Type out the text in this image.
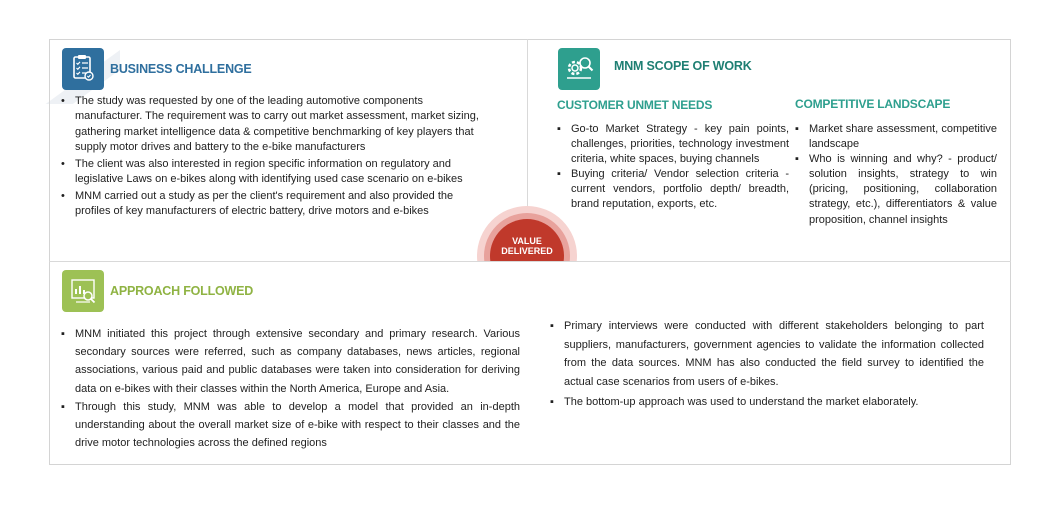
BUSINESS CHALLENGE
• The study was requested by one of the leading automotive components manufacturer. The requirement was to carry out market assessment, market sizing, gathering market intelligence data & competitive benchmarking of key players that supply motor drives and battery to the e-bike manufacturers
• The client was also interested in region specific information on regulatory and legislative Laws on e-bikes along with identifying used case scenario on e-bikes
• MNM carried out a study as per the client's requirement and also provided the profiles of key manufacturers of electric battery, drive motors and e-bikes
MNM SCOPE OF WORK
CUSTOMER UNMET NEEDS
▪ Go-to Market Strategy - key pain points, challenges, priorities, technology investment criteria, white spaces, buying channels
▪ Buying criteria/ Vendor selection criteria - current vendors, portfolio depth/ breadth, brand reputation, exports, etc.
COMPETITIVE LANDSCAPE
▪ Market share assessment, competitive landscape
▪ Who is winning and why? - product/ solution insights, strategy to win (pricing, positioning, collaboration strategy, etc.), differentiators & value proposition, channel insights
VALUE
DELIVERED
APPROACH FOLLOWED
▪ MNM initiated this project through extensive secondary and primary research. Various secondary sources were referred, such as company databases, news articles, regional associations, various paid and public databases were taken into consideration for deriving data on e-bikes with their classes within the North America, Europe and Asia.
▪ Through this study, MNM was able to develop a model that provided an in-depth understanding about the overall market size of e-bike with respect to their classes and the drive motor technologies across the defined regions
▪ Primary interviews were conducted with different stakeholders belonging to part suppliers, manufacturers, government agencies to validate the information collected from the data sources. MNM has also conducted the field survey to identified the actual case scenarios from users of e-bikes.
▪ The bottom-up approach was used to understand the market elaborately.
